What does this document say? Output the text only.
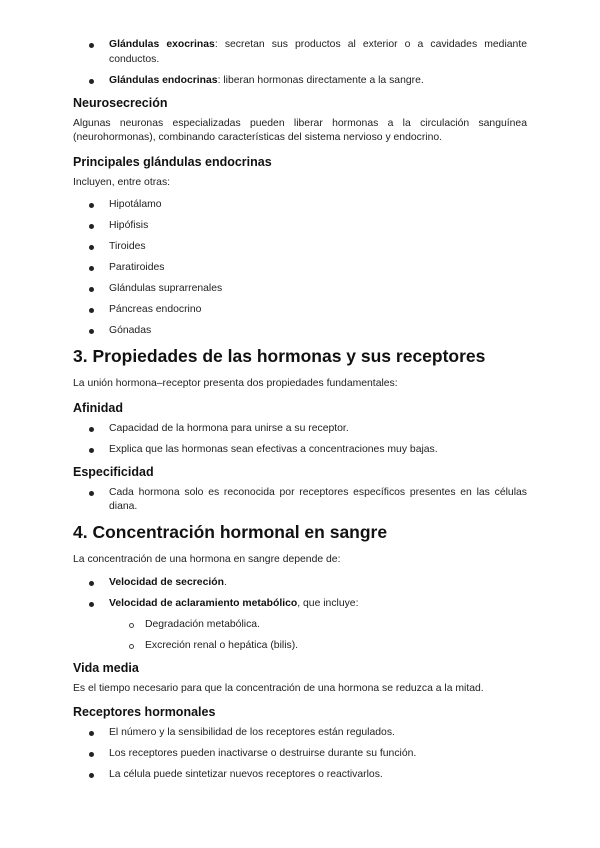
Glándulas exocrinas: secretan sus productos al exterior o a cavidades mediante conductos.
Glándulas endocrinas: liberan hormonas directamente a la sangre.
Neurosecreción

Algunas neuronas especializadas pueden liberar hormonas a la circulación sanguínea (neurohormonas), combinando características del sistema nervioso y endocrino.

Principales glándulas endocrinas

Incluyen, entre otras:

Hipotálamo
Hipófisis
Tiroides
Paratiroides
Glándulas suprarrenales
Páncreas endocrino
Gónadas
3. Propiedades de las hormonas y sus receptores

La unión hormona–receptor presenta dos propiedades fundamentales:

Afinidad
Capacidad de la hormona para unirse a su receptor.
Explica que las hormonas sean efectivas a concentraciones muy bajas.
Especificidad
Cada hormona solo es reconocida por receptores específicos presentes en las células diana.
4. Concentración hormonal en sangre

La concentración de una hormona en sangre depende de:

Velocidad de secreción.
Velocidad de aclaramiento metabólico, que incluye:
Degradación metabólica.
Excreción renal o hepática (bilis).
Vida media

Es el tiempo necesario para que la concentración de una hormona se reduzca a la mitad.

Receptores hormonales
El número y la sensibilidad de los receptores están regulados.
Los receptores pueden inactivarse o destruirse durante su función.
La célula puede sintetizar nuevos receptores o reactivarlos.
